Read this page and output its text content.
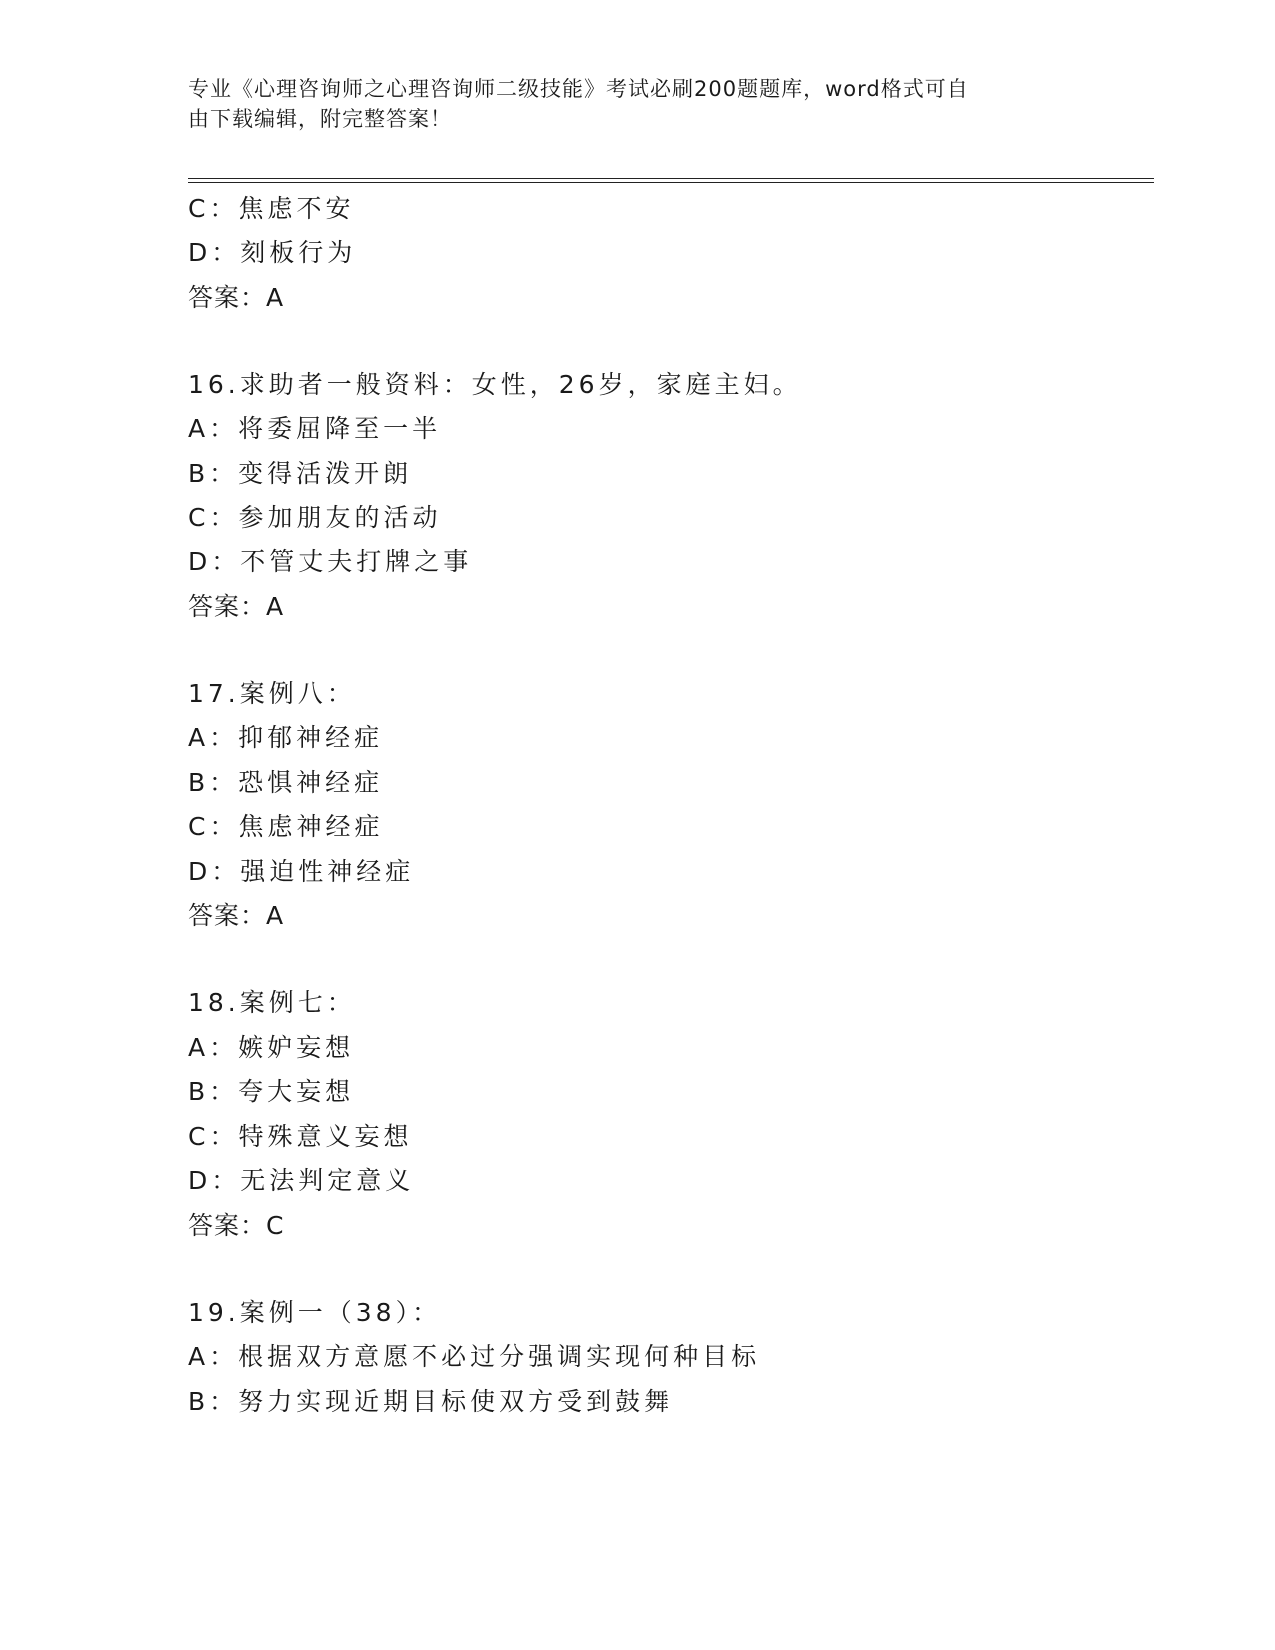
专业《心理咨询师之心理咨询师二级技能》考试必刷200题题库，word格式可自
由下载编辑，附完整答案！
C：焦虑不安
D：刻板行为
答案：A
16.求助者一般资料：女性，26岁，家庭主妇。
A：将委屈降至一半
B：变得活泼开朗
C：参加朋友的活动
D：不管丈夫打牌之事
答案：A
17.案例八：
A：抑郁神经症
B：恐惧神经症
C：焦虑神经症
D：强迫性神经症
答案：A
18.案例七：
A：嫉妒妄想
B：夸大妄想
C：特殊意义妄想
D：无法判定意义
答案：C
19.案例一（38）：
A：根据双方意愿不必过分强调实现何种目标
B：努力实现近期目标使双方受到鼓舞
